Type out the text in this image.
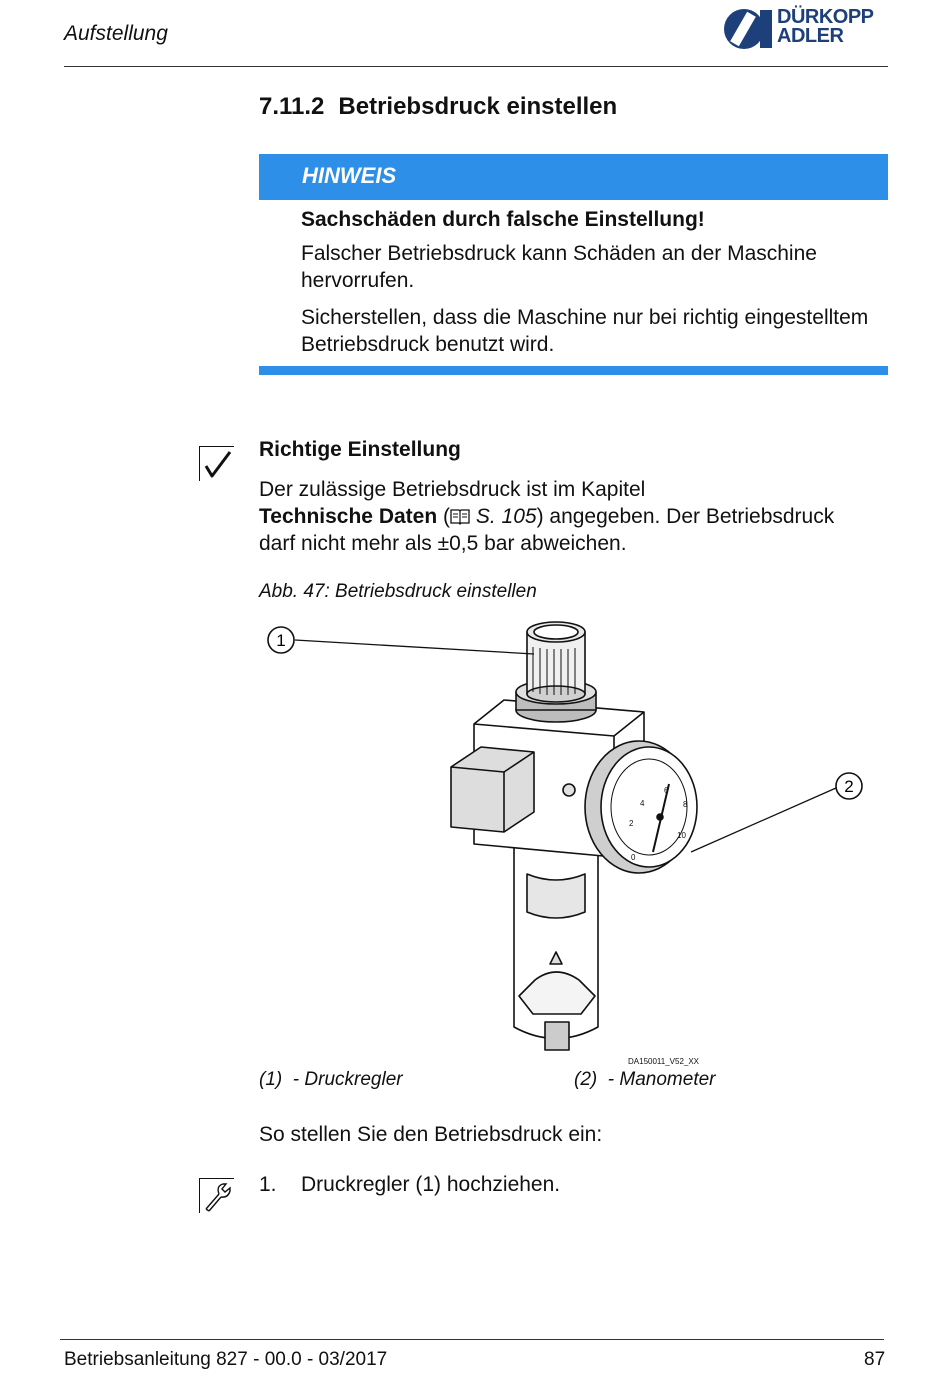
Aufstellung
DÜRKOPP
ADLER
7.11.2 Betriebsdruck einstellen
HINWEIS
Sachschäden durch falsche Einstellung!
Falscher Betriebsdruck kann Schäden an der Maschine hervorrufen.
Sicherstellen, dass die Maschine nur bei richtig eingestelltem Betriebsdruck benutzt wird.
Richtige Einstellung
Der zulässige Betriebsdruck ist im Kapitel
Technische Daten ( S. 105) angegeben. Der Betriebsdruck
darf nicht mehr als ±0,5 bar abweichen.
Abb. 47: Betriebsdruck einstellen
0
2
4
6
8
10
1
2
DA150011_V52_XX
(1) - Druckregler	(2) - Manometer
So stellen Sie den Betriebsdruck ein:
1. Druckregler (1) hochziehen.
Betriebsanleitung 827 - 00.0 - 03/2017	87
